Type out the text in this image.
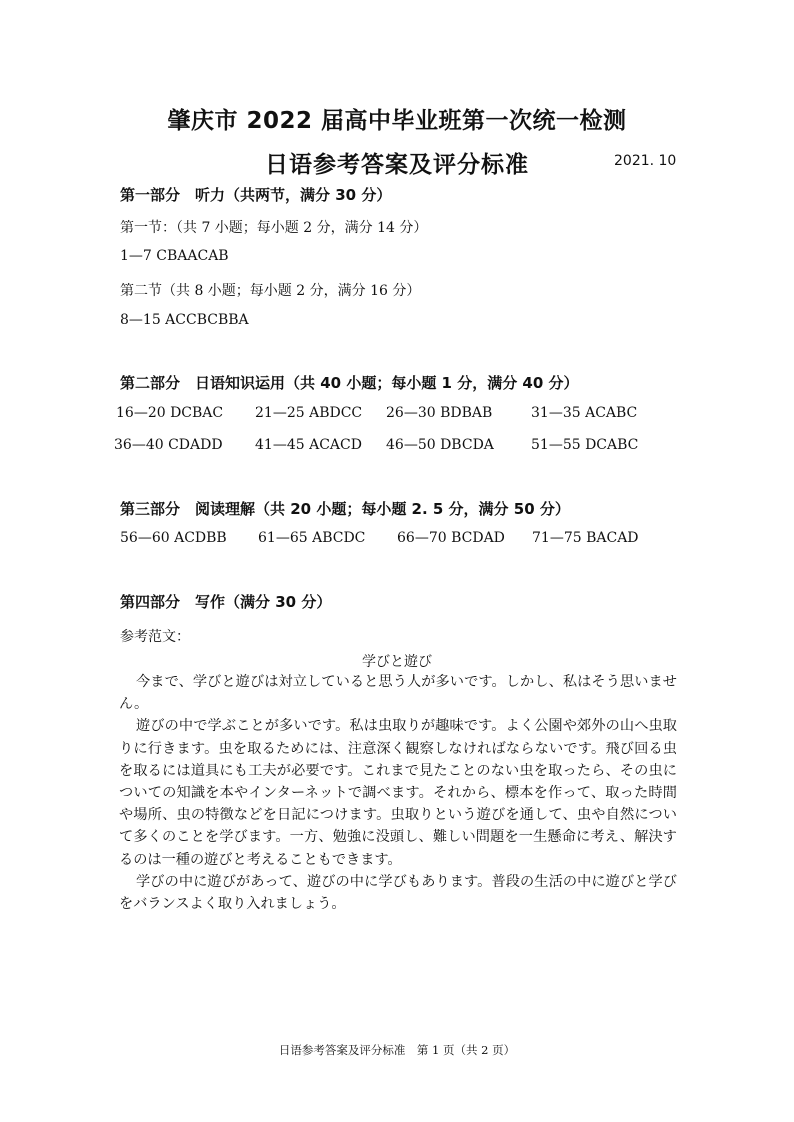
肇庆市 2022 届高中毕业班第一次统一检测
日语参考答案及评分标准	2021. 10
第一部分　听力（共两节，满分 30 分）
第一节：（共 7 小题；每小题 2 分，满分 14 分）
1—7 CBAACAB
第二节（共 8 小题；每小题 2 分，满分 16 分）
8—15 ACCBCBBA
第二部分　日语知识运用（共 40 小题；每小题 1 分，满分 40 分）
16—20 DCBAC 21—25 ABDCC 26—30 BDBAB	31—35 ACABC
36—40 CDADD 41—45 ACACD 46—50 DBCDA	51—55 DCABC
第三部分　阅读理解（共 20 小题；每小题 2. 5 分，满分 50 分）
56—60 ACDBB 61—65 ABCDC 66—70 BCDAD 71—75 BACAD
第四部分　写作（满分 30 分）
参考范文：
学びと遊び

今まで、学びと遊びは対立していると思う人が多いです。しかし、私はそう思いません。

遊びの中で学ぶことが多いです。私は虫取りが趣味です。よく公園や郊外の山へ虫取りに行きます。虫を取るためには、注意深く観察しなければならないです。飛び回る虫を取るには道具にも工夫が必要です。これまで見たことのない虫を取ったら、その虫についての知識を本やインターネットで調べます。それから、標本を作って、取った時間や場所、虫の特徴などを日記につけます。虫取りという遊びを通して、虫や自然について多くのことを学びます。一方、勉強に没頭し、難しい問題を一生懸命に考え、解決するのは一種の遊びと考えることもできます。

学びの中に遊びがあって、遊びの中に学びもあります。普段の生活の中に遊びと学びをバランスよく取り入れましょう。

日语参考答案及评分标准　第 1 页（共 2 页）
